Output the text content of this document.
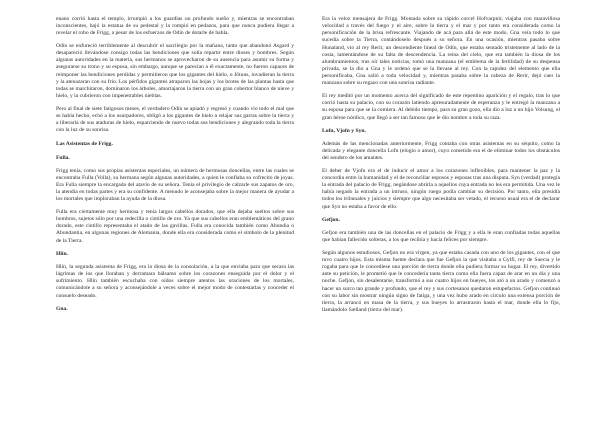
enano corrió hasta el templo, irrumpió a los guardias un profundo sueño y, mientras se encontraban inconscientes, bajó la estatua de su pedestal y la rompió en pedazos, para que nunca pudiera llegar a revelar el robo de Frigg, a pesar de los esfuerzos de Odín de dotarle de habla.

Odín se enfureció terriblemente al descubrir el sacrilegio por la mañana, tanto que abandonó Asgard y desapareció llevándose consigo todas las bendiciones que solía repartir entre dioses y hombres. Según algunas autoridades en la materia, sus hermanos se aprovecharon de su ausencia para asumir su forma y asegurarse su trono y su esposa, sin embargo, aunque se parecían a él exactamente, no fueron capaces de reimponer las bendiciones perdidas y permitieron que los gigantes del hielo, o Jötuns, invadieran la tierra y la atenazaran con su frío. Los pérfidos gigantes atraparon las hojas y los brotes de las plantas hasta que todas se marchitaron, dominaron los árboles, amortajaron la tierra con un gran cobertor blanco de nieve y hielo, y la cubrieron con impenetrables nieblas.

Pero al final de siete fatigosos meses, el verdadero Odín se apiadó y regresó y cuando vio todo el mal que se había hecho, echó a los usurpadores, obligó a los gigantes de hielo a relajar sus garras sobre la tierra y a liberarla de sus ataduras de hielo, esparciendo de nuevo todas sus bendiciones y alegrando toda la tierra con la luz de su sonrisa.

Las Asistentas de Frigg.

Fulla.

Frigg tenía, como sus propias asistentas especiales, un número de hermosas doncellas, entre las cuales se encontraba Fulla (Volla), su hermana según algunas autoridades, a quien le confiaba su cofrecito de joyas. Era Fulla siempre la encargada del atavío de su señora. Tenía el privilegio de calzarle sus zapatos de oro, la atendía en todas partes y era su confidente. A menudo le aconsejaba sobre la mejor manera de ayudar a los mortales que imploraban la ayuda de la diosa.

Fulla era ciertamente muy hermosa y tenía largos cabellos dorados, que ella dejaba sueltos sobre sus hombros, sujetos sólo por una redecilla o cintillo de oro. Ya que sus cabellos eran emblemáticos del grano dorado, este cintillo representaba el atado de las gavillas. Fulla era conocida también como Abundia o Abundantia, en algunas regiones de Alemania, donde ella era considerada como el símbolo de la plenitud de la Tierra.

Hlín.

Hlín, la segunda asistenta de Frigg, era la diosa de la consolación, a la que enviaba para que secara las lágrimas de los que lloraban y derramara bálsamo sobre los corazones enseguida por el dolor y el sufrimiento. Hlín también escuchaba con oídos siempre atentos las oraciones de los mortales, comunicándole a su señora y aconsejándole a veces sobre el mejor modo de contestarlas y conceder el consuelo deseado.

Gna.

Era la veloz mensajera de Frigg. Montada sobre su rápido corcel Hofvarpnir, viajaba con maravillosa velocidad a través del fuego y el aire, sobre la tierra y el mar y por tanto era considerada como la personificación de la brisa refrescante. Viajando de acá para allá de este modo, Gna veía todo lo que sucedía sobre la Tierra, contándoselo después a su señora. En una ocasión, mientras pasaba sobre Hunaland, vio al rey Rerir, un descendiente lineal de Odín, que estaba sentado tristemente al lado de la costa, lamentándose de su falta de descendencia. La reina del cielo, que era también la diosa de los alumbramientos, tras oír tales noticias, tomó una manzana (el emblema de la fertilidad) de su despensa privada, se la dio a Gna y le ordenó que se la llevase al rey. Con la rapidez del elemento que ella personificaba, Gna salió a toda velocidad y, mientras pasaba sobre la cabeza de Rerir, dejó caer la manzana sobre su regazo con una sonrisa radiante.

El rey meditó por un momento acerca del significado de este repentino aparición y el regalo, tras lo que corrió hasta su palacio, con su corazón latiendo apresuradamente de esperanza y le entregó la manzana a su esposa para que se la comiera. Al debido tiempo, para su gran gozo, ella dio a luz a un hijo Volsung, el gran héroe nórdico, que llegó a ser tan famoso que le dio nombre a toda su raza.

Lofn, Vjofn y Syn.

Además de las mencionadas anteriormente, Frigg contaba con otras asistentas en su séquito, como la delicada y elegante doncella Lofn (elogio o amor), cuyo cometido era el de eliminar todos los obstáculos del sendero de los amantes.

El deber de Vjofn era el de inducir el amor a los corazones inflexibles, para mantener la paz y la concordia entre la humanidad y el de reconciliar esposos y esposas tras una disputa. Syn (verdad) protegía la entrada del palacio de Frigg, negándose abrirla a aquellos cuya entrada no les era permitida. Una vez le había negado la entrada a un intruso, ningún ruego podía cambiar su decisión. Por tanto, ella presidía todos los tribunales y juicios y siempre que algo necesitaba ser vetado, el recurso usual era el de declarar que Syn no estaba a favor de ello.

Gefjon.

Gefjon era también una de las doncellas en el palacio de Frigg y a ella le eran confiadas todas aquellas que habían fallecido solteras, a los que recibía y hacía felices por siempre.

Según algunos estudiosos, Gefjon no era virgen, ya que estaba casada con uno de los gigantes, con el que tuvo cuatro hijos. Esta misma fuente declara que fue Gefjon la que visitaba a Gylfi, rey de Suecia y le rogaba para que le concediese una porción de tierra donde ella pudiera formar su hogar. El rey, divertido ante su petición, le prometió que le concedería tanta tierra como ella fuera capaz de arar en un día y una noche. Gefjon, sin desalentarse, transformó a sus cuatro hijos en bueyes, los ató a un arado y comenzó a hacer un surco tan grande y profundo, que el rey y sus cortesanos quedaron estupefactos. Gefjon continuó con su labor sin mostrar ningún signo de fatiga, y una vez hubo arado en círculo una extensa porción de tierra, la arrancó en masa de la tierra, y sus bueyes lo arrastraron hasta el mar, donde ella lo fijo, llamándolo Sælland (tierra del mar).
